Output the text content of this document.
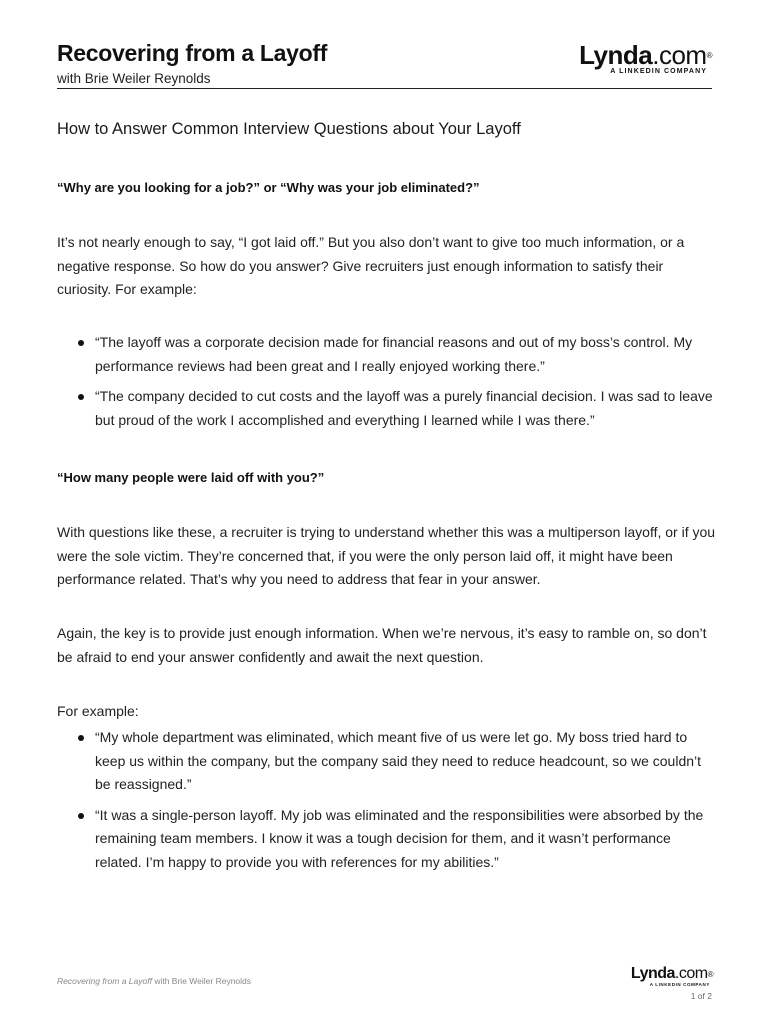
Recovering from a Layoff
with Brie Weiler Reynolds
Lynda.com®
A LINKEDIN COMPANY
How to Answer Common Interview Questions about Your Layoff
“Why are you looking for a job?” or “Why was your job eliminated?”

It’s not nearly enough to say, “I got laid off.” But you also don’t want to give too much information, or a negative response. So how do you answer? Give recruiters just enough information to satisfy their curiosity. For example:

“The layoff was a corporate decision made for financial reasons and out of my boss’s control. My performance reviews had been great and I really enjoyed working there.”
“The company decided to cut costs and the layoff was a purely financial decision. I was sad to leave but proud of the work I accomplished and everything I learned while I was there.”
“How many people were laid off with you?”

With questions like these, a recruiter is trying to understand whether this was a multiperson layoff, or if you were the sole victim. They’re concerned that, if you were the only person laid off, it might have been performance related. That’s why you need to address that fear in your answer.

Again, the key is to provide just enough information. When we’re nervous, it’s easy to ramble on, so don’t be afraid to end your answer confidently and await the next question.

For example:

“My whole department was eliminated, which meant five of us were let go. My boss tried hard to keep us within the company, but the company said they need to reduce headcount, so we couldn’t be reassigned.”
“It was a single-person layoff. My job was eliminated and the responsibilities were absorbed by the remaining team members. I know it was a tough decision for them, and it wasn’t performance related. I’m happy to provide you with references for my abilities.”
Recovering from a Layoff with Brie Weiler Reynolds	Lynda.com®
A LINKEDIN COMPANY
1 of 2
